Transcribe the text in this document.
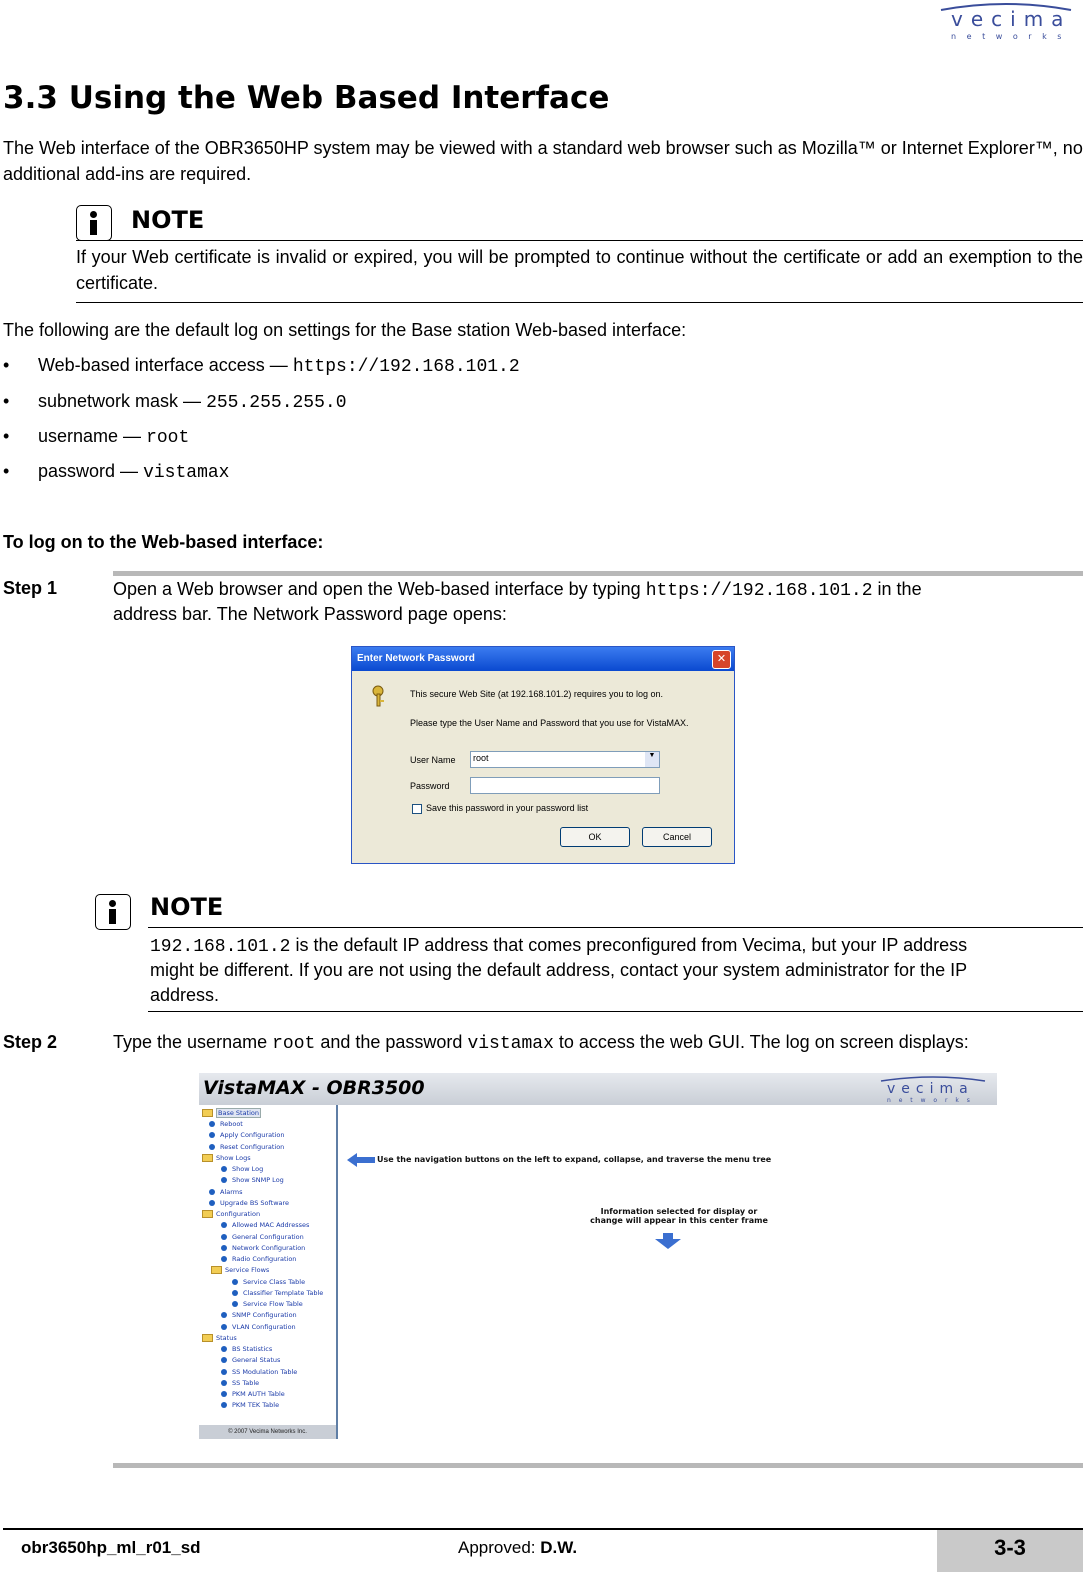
vecima
n e t w o r k s
3.3 Using the Web Based Interface

The Web interface of the OBR3650HP system may be viewed with a standard web browser such as Mozilla™ or Internet Explorer™, no additional add-ins are required.

NOTE

If your Web certificate is invalid or expired, you will be prompted to continue without the certificate or add an exemption to the certificate.

The following are the default log on settings for the Base station Web-based interface:

• Web-based interface access — https://192.168.101.2
• subnetwork mask — 255.255.255.0
• username — root
• password — vistamax
To log on to the Web-based interface:
Step 1	Open a Web browser and open the Web-based interface by typing https://192.168.101.2 in the
address bar. The Network Password page opens:
Enter Network Password	✕
This secure Web Site (at 192.168.101.2) requires you to log on.
Please type the User Name and Password that you use for VistaMAX.
User Name root	▼
Password
Save this password in your password list
OK	Cancel
NOTE
192.168.101.2 is the default IP address that comes preconfigured from Vecima, but your IP address
might be different. If you are not using the default address, contact your system administrator for the IP
address.
Step 2	Type the username root and the password vistamax to access the web GUI. The log on screen displays:
VistaMAX - OBR3500	vecima
n e t w o r k s
Base Station
Reboot
Apply Configuration
Reset Configuration
Show Logs
Show Log
Show SNMP Log
Alarms
Upgrade BS Software
Configuration
Allowed MAC Addresses
General Configuration
Network Configuration
Radio Configuration
Service Flows
Service Class Table
Classifier Template Table
Service Flow Table
SNMP Configuration
VLAN Configuration
Status
BS Statistics
General Status
SS Modulation Table
SS Table
PKM AUTH Table
PKM TEK Table
© 2007 Vecima Networks Inc.
Use the navigation buttons on the left to expand, collapse, and traverse the menu tree
Information selected for display or
change will appear in this center frame
obr3650hp_ml_r01_sd	Approved: D.W.	3-3
